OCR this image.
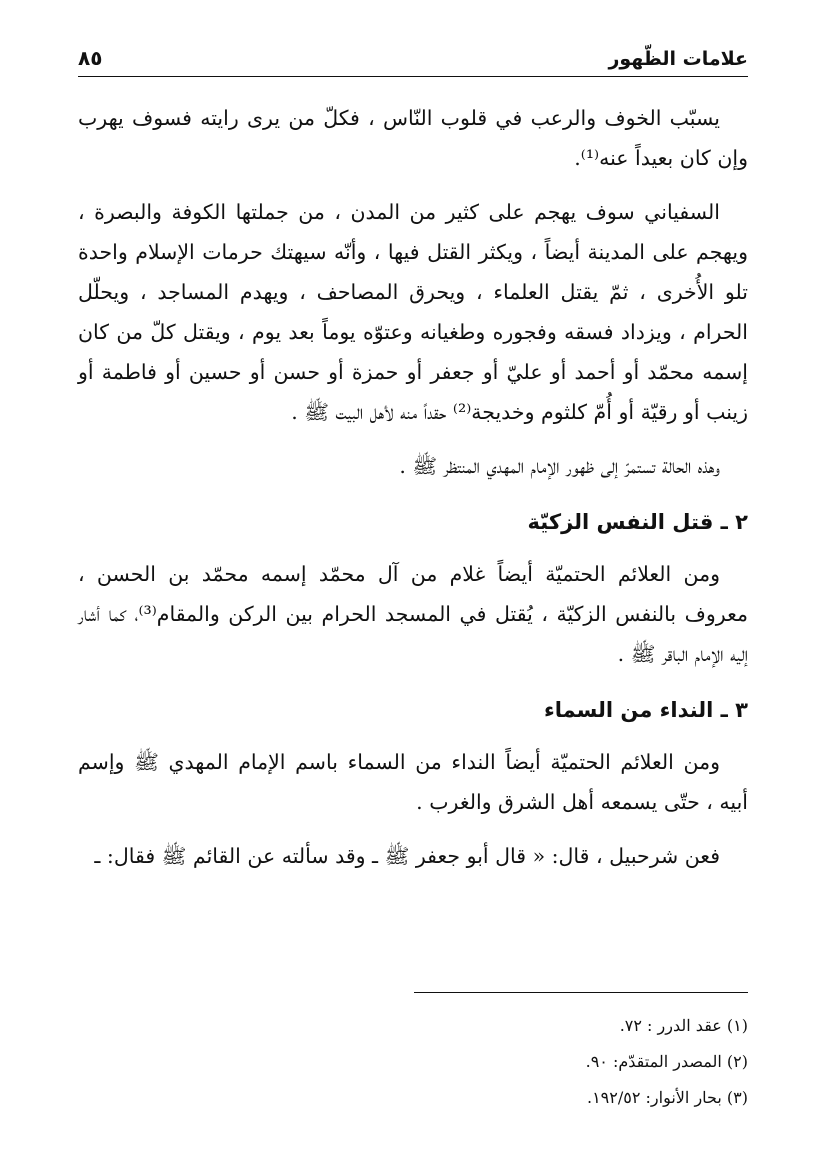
علامات الظّهور
٨٥

يسبّب الخوف والرعب في قلوب النّاس ، فكلّ من يرى رايته فسوف يهرب وإن كان بعيداً عنه⁽¹⁾.

السفياني سوف يهجم على كثير من المدن ، من جملتها الكوفة والبصرة ، ويهجم على المدينة أيضاً ، ويكثر القتل فيها ، وأنّه سيهتك حرمات الإسلام واحدة تلو الأُخرى ، ثمّ يقتل العلماء ، ويحرق المصاحف ، ويهدم المساجد ، ويحلّل الحرام ، ويزداد فسقه وفجوره وطغيانه وعتوّه يوماً بعد يوم ، ويقتل كلّ من كان إسمه محمّد أو أحمد أو عليّ أو جعفر أو حمزة أو حسن أو حسين أو فاطمة أو زينب أو رقيّة أو أُمّ كلثوم وخديجة⁽²⁾ حقداً منه لأهل البيت ﷺ .

وهذه الحالة تستمرّ إلى ظهور الإمام المهدي المنتظر ﷺ .

٢ ـ قتل النفس الزكيّة

ومن العلائم الحتميّة أيضاً غلام من آل محمّد إسمه محمّد بن الحسن ، معروف بالنفس الزكيّة ، يُقتل في المسجد الحرام بين الركن والمقام⁽³⁾، كما أشار إليه الإمام الباقر ﷺ .

٣ ـ النداء من السماء

ومن العلائم الحتميّة أيضاً النداء من السماء باسم الإمام المهدي ﷺ وإسم أبيه ، حتّى يسمعه أهل الشرق والغرب .

فعن شرحبيل ، قال: « قال أبو جعفر ﷺ ـ وقد سألته عن القائم ﷺ فقال: ـ

(١) عقد الدرر : ٧٢.
(٢) المصدر المتقدّم: ٩٠.
(٣) بحار الأنوار: ١٩٢/٥٢.
